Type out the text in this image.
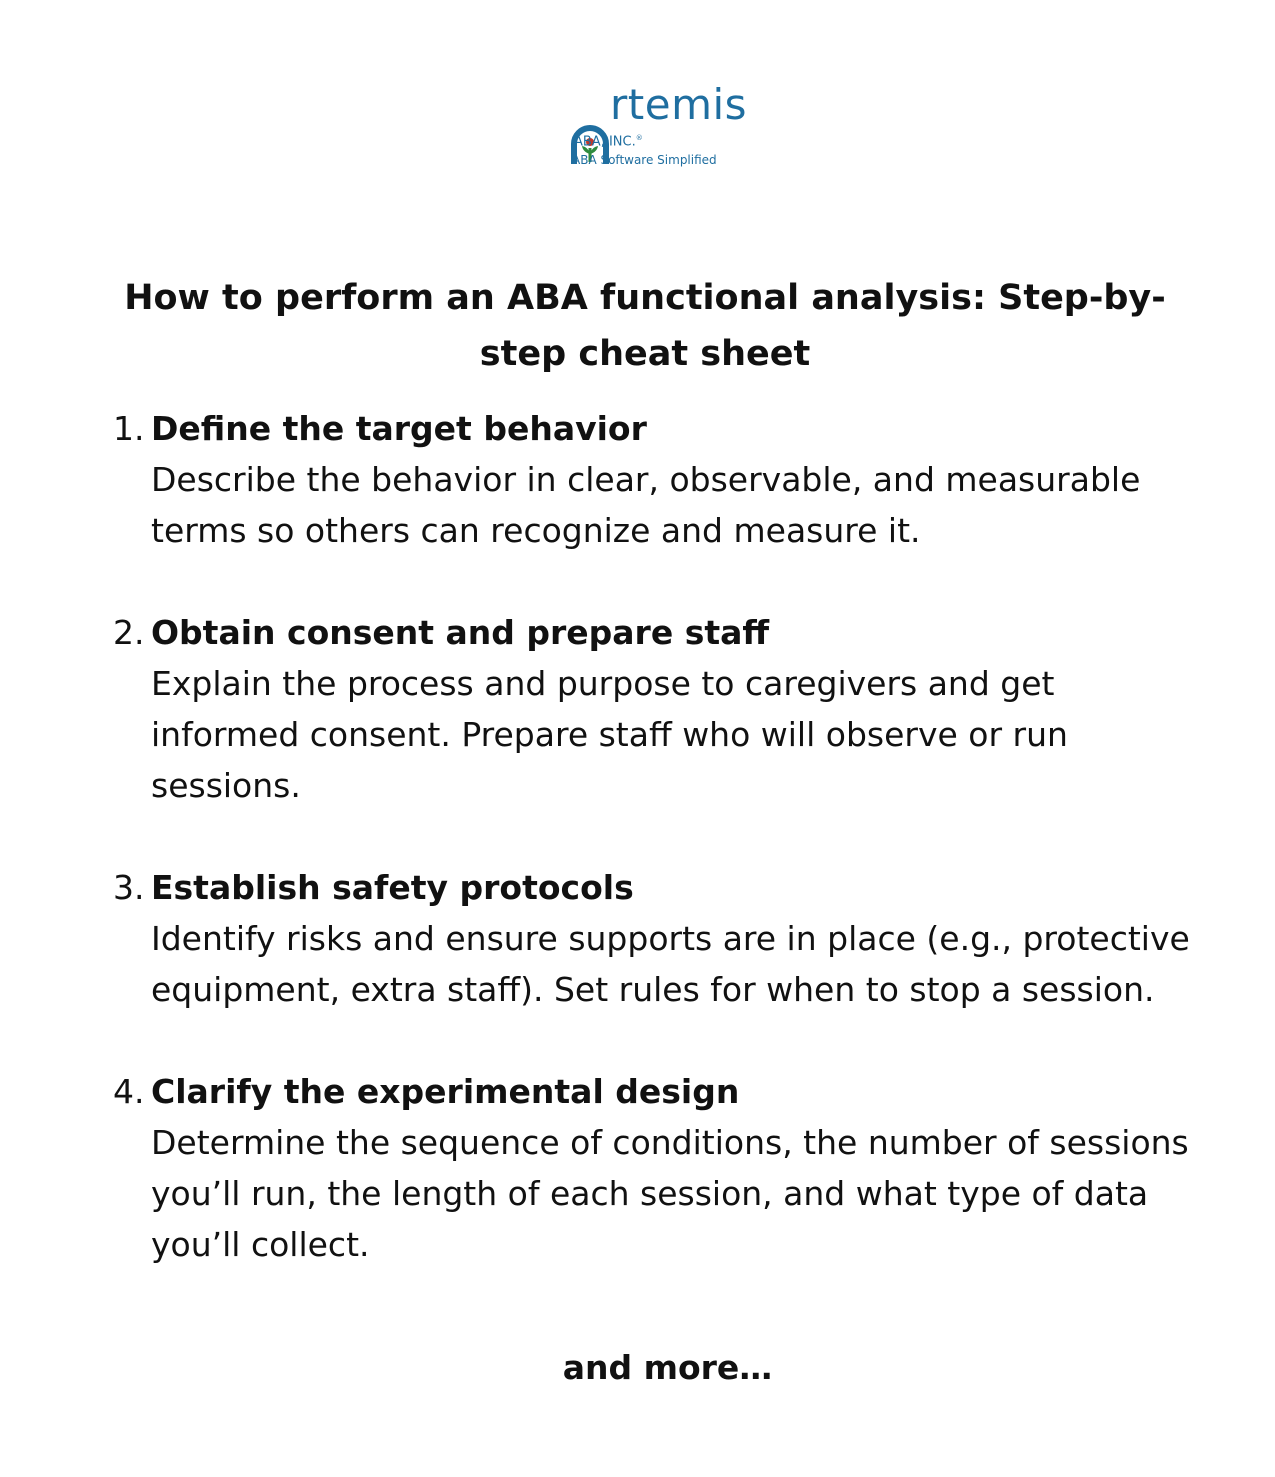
rtemis
ABA, INC.®
ABA Software Simplified
How to perform an ABA functional analysis: Step-by-step cheat sheet
1. Define the target behavior
Describe the behavior in clear, observable, and measurable terms so others can recognize and measure it.
2. Obtain consent and prepare staff
Explain the process and purpose to caregivers and get informed consent. Prepare staff who will observe or run sessions.
3. Establish safety protocols
Identify risks and ensure supports are in place (e.g., protective equipment, extra staff). Set rules for when to stop a session.
4. Clarify the experimental design
Determine the sequence of conditions, the number of sessions you’ll run, the length of each session, and what type of data you’ll collect.
and more…
